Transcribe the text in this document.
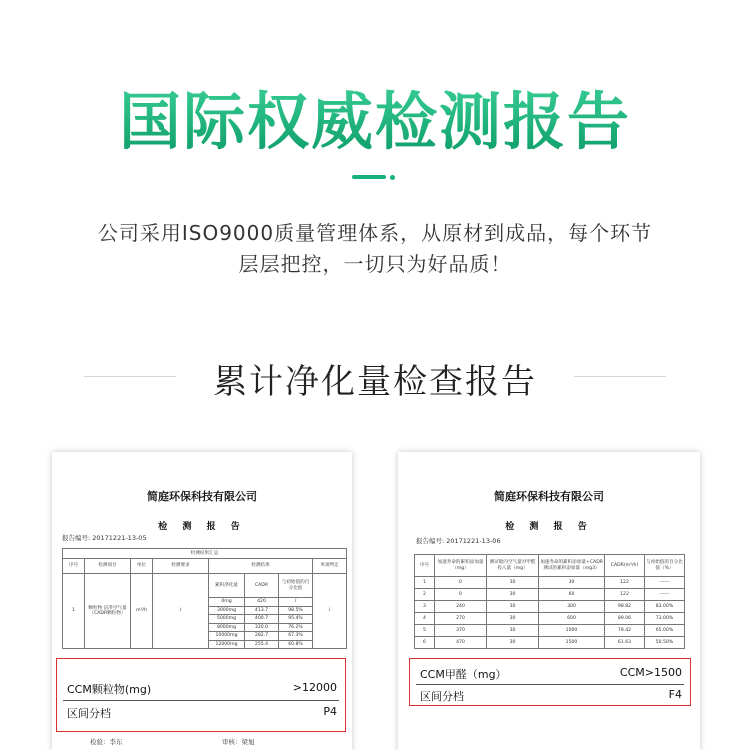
国际权威检测报告
公司采用ISO9000质量管理体系，从原材到成品，每个环节
层层把控，一切只为好品质！
累计净化量检查报告
简庭环保科技有限公司
检 测 报 告
报告编号: 20171221-13-05
检测结果汇总							
序号	检测项目	单位	检测要求	检测结果			单项判定
1	颗粒物 洁净空气量（CADR颗粒物）	m³/h	/	累积净化量	CADR	与初始值的百分比值	/
				0mg	420	/	
				3000mg	413.7	98.5%	
				5000mg	400.7	95.4%	
				8000mg	320.0	76.2%	
				10000mg	282.7	67.3%	
				12000mg	255.4	60.8%	
CCM颗粒物(mg)	>12000
区间分档	P4
检验：李东	审核：梁旭
简庭环保科技有限公司
检 测 报 告
报告编号: 20171221-13-06
序号	加速寿命的累积添加量（mg）	测试舱内空气量对甲醛投入量（mg）	加速寿命的累积添加量+CADR测试的累积添加量（mg3）	CADR(m³/h)	与初始值的百分比值（%）
1	0	30	30	122	------
2	0	30	60	122	------
3	240	30	300	98.82	83.00%
4	270	30	600	89.06	73.00%
5	370	30	1000	78.42	65.00%
6	470	30	1500	61.63	50.50%
CCM甲醛（mg）	CCM>1500
区间分档	F4
